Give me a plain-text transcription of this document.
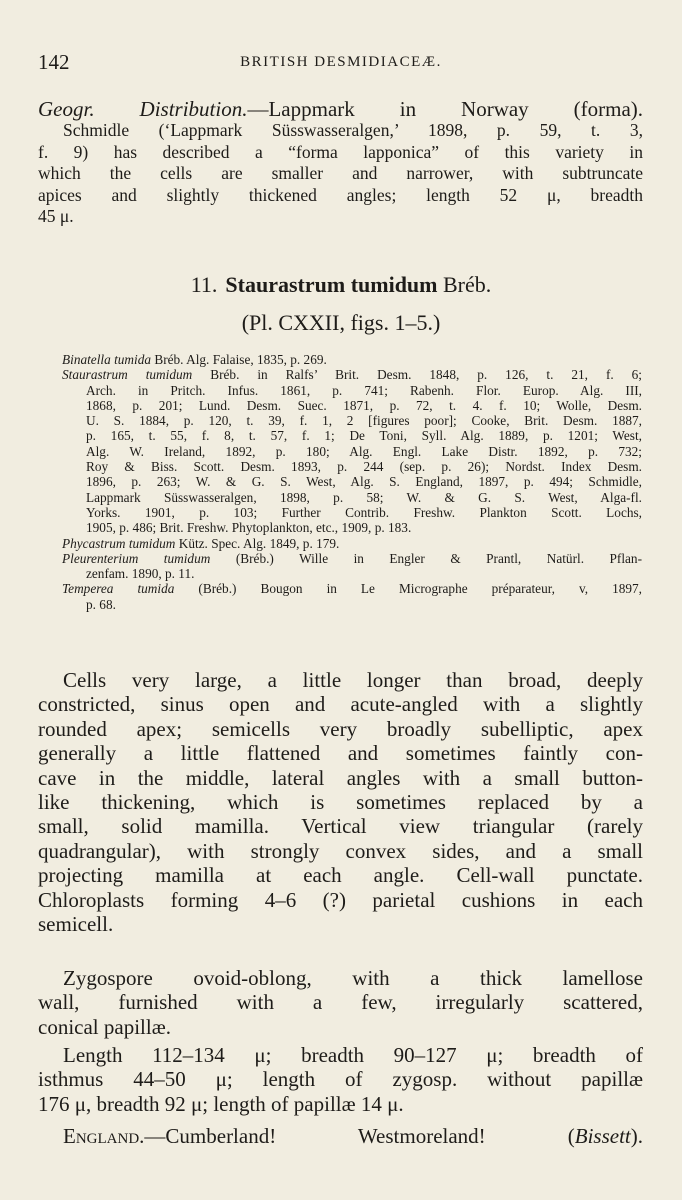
142	BRITISH DESMIDIACEÆ.
Geogr. Distribution.—Lappmark in Norway (forma).
Schmidle (‘Lappmark Süsswasseralgen,’ 1898, p. 59, t. 3,
f. 9) has described a “forma lapponica” of this variety in
which the cells are smaller and narrower, with subtruncate
apices and slightly thickened angles; length 52 μ, breadth
45 μ.
11. Staurastrum tumidum Bréb.
(Pl. CXXII, figs. 1–5.)
Binatella tumida Bréb. Alg. Falaise, 1835, p. 269.
Staurastrum tumidum Bréb. in Ralfs’ Brit. Desm. 1848, p. 126, t. 21, f. 6;
Arch. in Pritch. Infus. 1861, p. 741; Rabenh. Flor. Europ. Alg. III,
1868, p. 201; Lund. Desm. Suec. 1871, p. 72, t. 4. f. 10; Wolle, Desm.
U. S. 1884, p. 120, t. 39, f. 1, 2 [figures poor]; Cooke, Brit. Desm. 1887,
p. 165, t. 55, f. 8, t. 57, f. 1; De Toni, Syll. Alg. 1889, p. 1201; West,
Alg. W. Ireland, 1892, p. 180; Alg. Engl. Lake Distr. 1892, p. 732;
Roy & Biss. Scott. Desm. 1893, p. 244 (sep. p. 26); Nordst. Index Desm.
1896, p. 263; W. & G. S. West, Alg. S. England, 1897, p. 494; Schmidle,
Lappmark Süsswasseralgen, 1898, p. 58; W. & G. S. West, Alga-fl.
Yorks. 1901, p. 103; Further Contrib. Freshw. Plankton Scott. Lochs,
1905, p. 486; Brit. Freshw. Phytoplankton, etc., 1909, p. 183.
Phycastrum tumidum Kütz. Spec. Alg. 1849, p. 179.
Pleurenterium tumidum (Bréb.) Wille in Engler & Prantl, Natürl. Pflan-
zenfam. 1890, p. 11.
Temperea tumida (Bréb.) Bougon in Le Micrographe préparateur, v, 1897,
p. 68.
Cells very large, a little longer than broad, deeply
constricted, sinus open and acute-angled with a slightly
rounded apex; semicells very broadly subelliptic, apex
generally a little flattened and sometimes faintly con-
cave in the middle, lateral angles with a small button-
like thickening, which is sometimes replaced by a
small, solid mamilla. Vertical view triangular (rarely
quadrangular), with strongly convex sides, and a small
projecting mamilla at each angle. Cell-wall punctate.
Chloroplasts forming 4–6 (?) parietal cushions in each
semicell.
Zygospore ovoid-oblong, with a thick lamellose
wall, furnished with a few, irregularly scattered,
conical papillæ.
Length 112–134 μ; breadth 90–127 μ; breadth of
isthmus 44–50 μ; length of zygosp. without papillæ
176 μ, breadth 92 μ; length of papillæ 14 μ.
England.—Cumberland! Westmoreland! (Bissett).
